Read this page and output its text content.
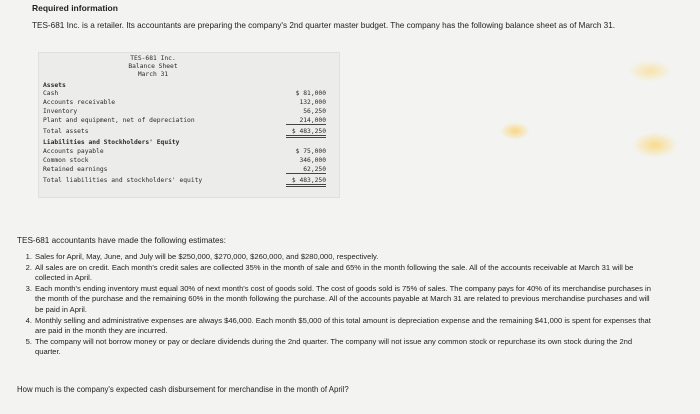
Required information
TES-681 Inc. is a retailer. Its accountants are preparing the company's 2nd quarter master budget. The company has the following balance sheet as of March 31.
TES-681 Inc.
Balance Sheet
March 31
Assets
Cash	$ 81,000
Accounts receivable	132,000
Inventory	56,250
Plant and equipment, net of depreciation	214,000
Total assets	$ 483,250
Liabilities and Stockholders' Equity
Accounts payable	$ 75,000
Common stock	346,000
Retained earnings	62,250
Total liabilities and stockholders' equity	$ 483,250
TES-681 accountants have made the following estimates:
1. Sales for April, May, June, and July will be $250,000, $270,000, $260,000, and $280,000, respectively.
2. All sales are on credit. Each month's credit sales are collected 35% in the month of sale and 65% in the month following the sale. All of the accounts receivable at March 31 will be collected in April.
3. Each month's ending inventory must equal 30% of next month's cost of goods sold. The cost of goods sold is 75% of sales. The company pays for 40% of its merchandise purchases in the month of the purchase and the remaining 60% in the month following the purchase. All of the accounts payable at March 31 are related to previous merchandise purchases and will be paid in April.
4. Monthly selling and administrative expenses are always $46,000. Each month $5,000 of this total amount is depreciation expense and the remaining $41,000 is spent for expenses that are paid in the month they are incurred.
5. The company will not borrow money or pay or declare dividends during the 2nd quarter. The company will not issue any common stock or repurchase its own stock during the 2nd quarter.
How much is the company's expected cash disbursement for merchandise in the month of April?
